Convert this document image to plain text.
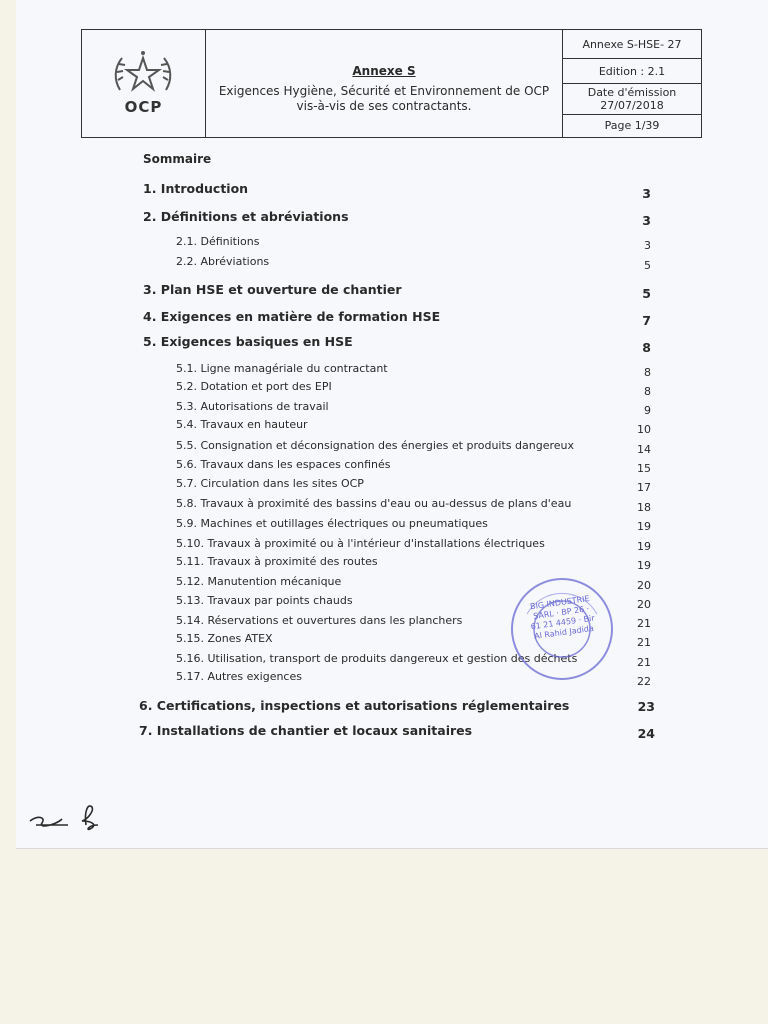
OCP
Annexe S
Exigences Hygiène, Sécurité et Environnement de OCP vis-à-vis de ses contractants.
Annexe S-HSE- 27
Edition : 2.1
Date d'émission
27/07/2018
Page 1/39
Sommaire
1. Introduction	3
2. Définitions et abréviations	3
2.1. Définitions	3
2.2. Abréviations	5
3. Plan HSE et ouverture de chantier	5
4. Exigences en matière de formation HSE	7
5. Exigences basiques en HSE	8
5.1. Ligne managériale du contractant	8
5.2. Dotation et port des EPI	8
5.3. Autorisations de travail	9
5.4. Travaux en hauteur	10
5.5. Consignation et déconsignation des énergies et produits dangereux	14
5.6. Travaux dans les espaces confinés	15
5.7. Circulation dans les sites OCP	17
5.8. Travaux à proximité des bassins d'eau ou au-dessus de plans d'eau	18
5.9. Machines et outillages électriques ou pneumatiques	19
5.10. Travaux à proximité ou à l'intérieur d'installations électriques	19
5.11. Travaux à proximité des routes	19
5.12. Manutention mécanique	20
5.13. Travaux par points chauds	20
5.14. Réservations et ouvertures dans les planchers	21
5.15. Zones ATEX	21
5.16. Utilisation, transport de produits dangereux et gestion des déchets	21
5.17. Autres exigences	22
6. Certifications, inspections et autorisations réglementaires	23
7. Installations de chantier et locaux sanitaires	24
BIG INDUSTRIE SARL · BP 26 · 61 21 4459 · Bir Al Rahid Jadida
